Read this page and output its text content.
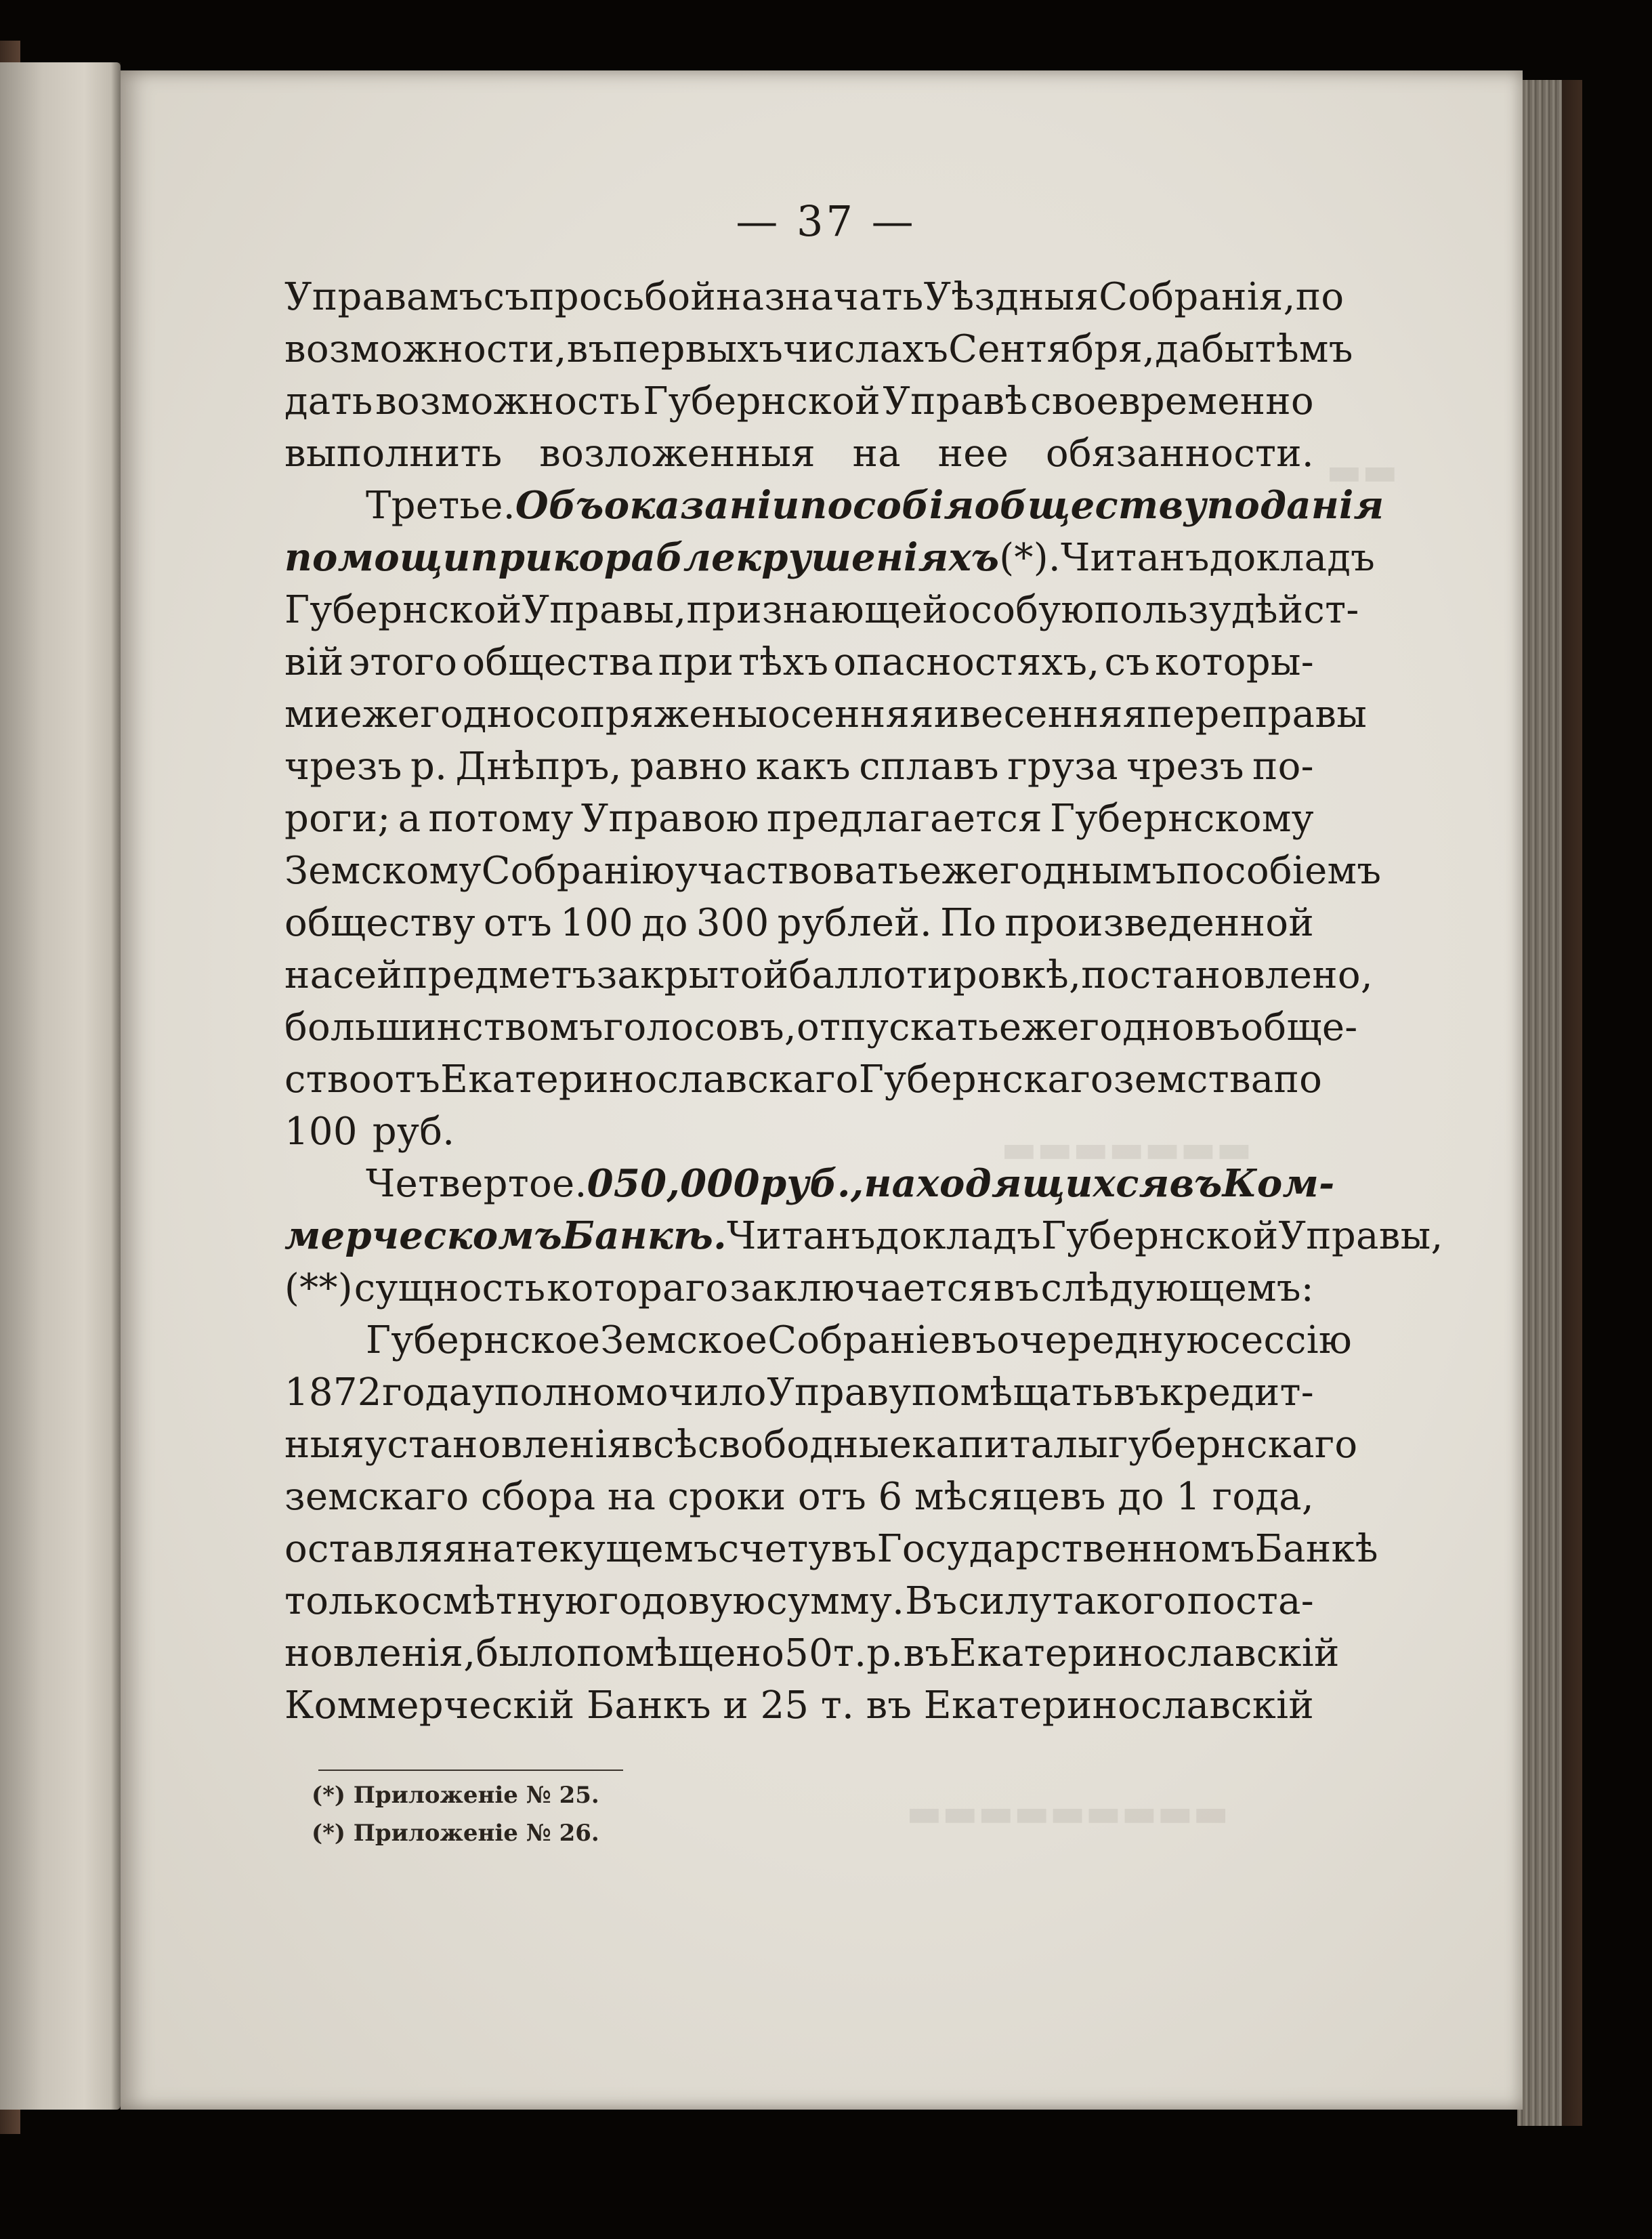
▬▬
▬▬▬▬▬▬▬
▬▬▬▬▬▬▬▬▬
— 37 —
Управамъ съ просьбой назначать Уѣздныя Собранія, по
возможности, въ первыхъ числахъ Сентября, дабы тѣмъ
дать возможность Губернской Управѣ своевременно
выполнить возложенныя на нее обязанности.
Третье. Объ оказаніи пособія обществу поданія
помощи при кораблекрушеніяхъ (*). Читанъ докладъ
Губернской Управы, признающей особую пользу дѣйст-
вій этого общества при тѣхъ опасностяхъ, съ которы-
ми ежегодно сопряжены осенняя и весенняя переправы
чрезъ р. Днѣпръ, равно какъ сплавъ груза чрезъ по-
роги; а потому Управою предлагается Губернскому
Земскому Собранію участвовать ежегоднымъ пособіемъ
обществу отъ 100 до 300 рублей. По произведенной
на сей предметъ закрытой баллотировкѣ, постановлено,
большинствомъ голосовъ, отпускать ежегодно въ обще-
ство отъ Екатеринославскаго Губернскаго земства по
100 руб.
Четвертое. 0 50,000 руб., находящихся въ Ком-
мерческомъ Банкѣ. Читанъ докладъ Губернской Управы,
(**) сущность котораго заключается въ слѣдующемъ:
Губернское Земское Собраніе въ очередную сессію
1872 года уполномочило Управу помѣщать въ кредит-
ныя установленія всѣ свободные капиталы губернскаго
земскаго сбора на сроки отъ 6 мѣсяцевъ до 1 года,
оставляя на текущемъ счету въ Государственномъ Банкѣ
только смѣтную годовую сумму. Въ силу такого поста-
новленія, было помѣщено 50 т. р. въ Екатеринославскій
Коммерческій Банкъ и 25 т. въ Екатеринославскій
(*) Приложеніе № 25.
(*) Приложеніе № 26.
